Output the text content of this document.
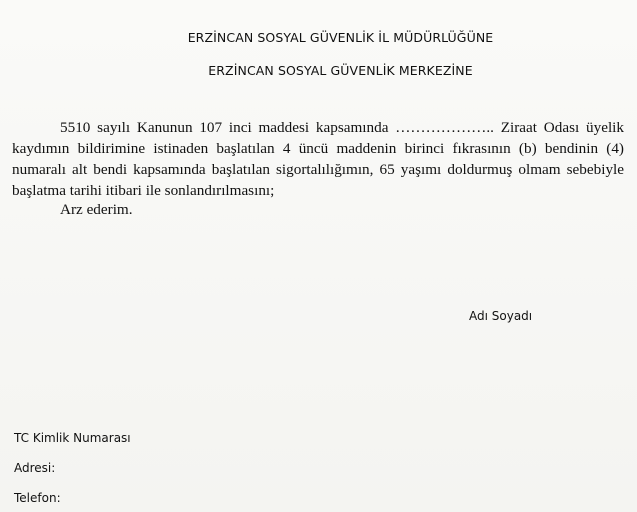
ERZİNCAN SOSYAL GÜVENLİK İL MÜDÜRLÜĞÜNE
ERZİNCAN SOSYAL GÜVENLİK MERKEZİNE

5510 sayılı Kanunun 107 inci maddesi kapsamında ……………….. Ziraat Odası üyelik kaydımın bildirimine istinaden başlatılan 4 üncü maddenin birinci fıkrasının (b) bendinin (4) numaralı alt bendi kapsamında başlatılan sigortalılığımın, 65 yaşımı doldurmuş olmam sebebiyle başlatma tarihi itibari ile sonlandırılmasını;

Arz ederim.
Adı Soyadı
TC Kimlik Numarası
Adresi:
Telefon:
